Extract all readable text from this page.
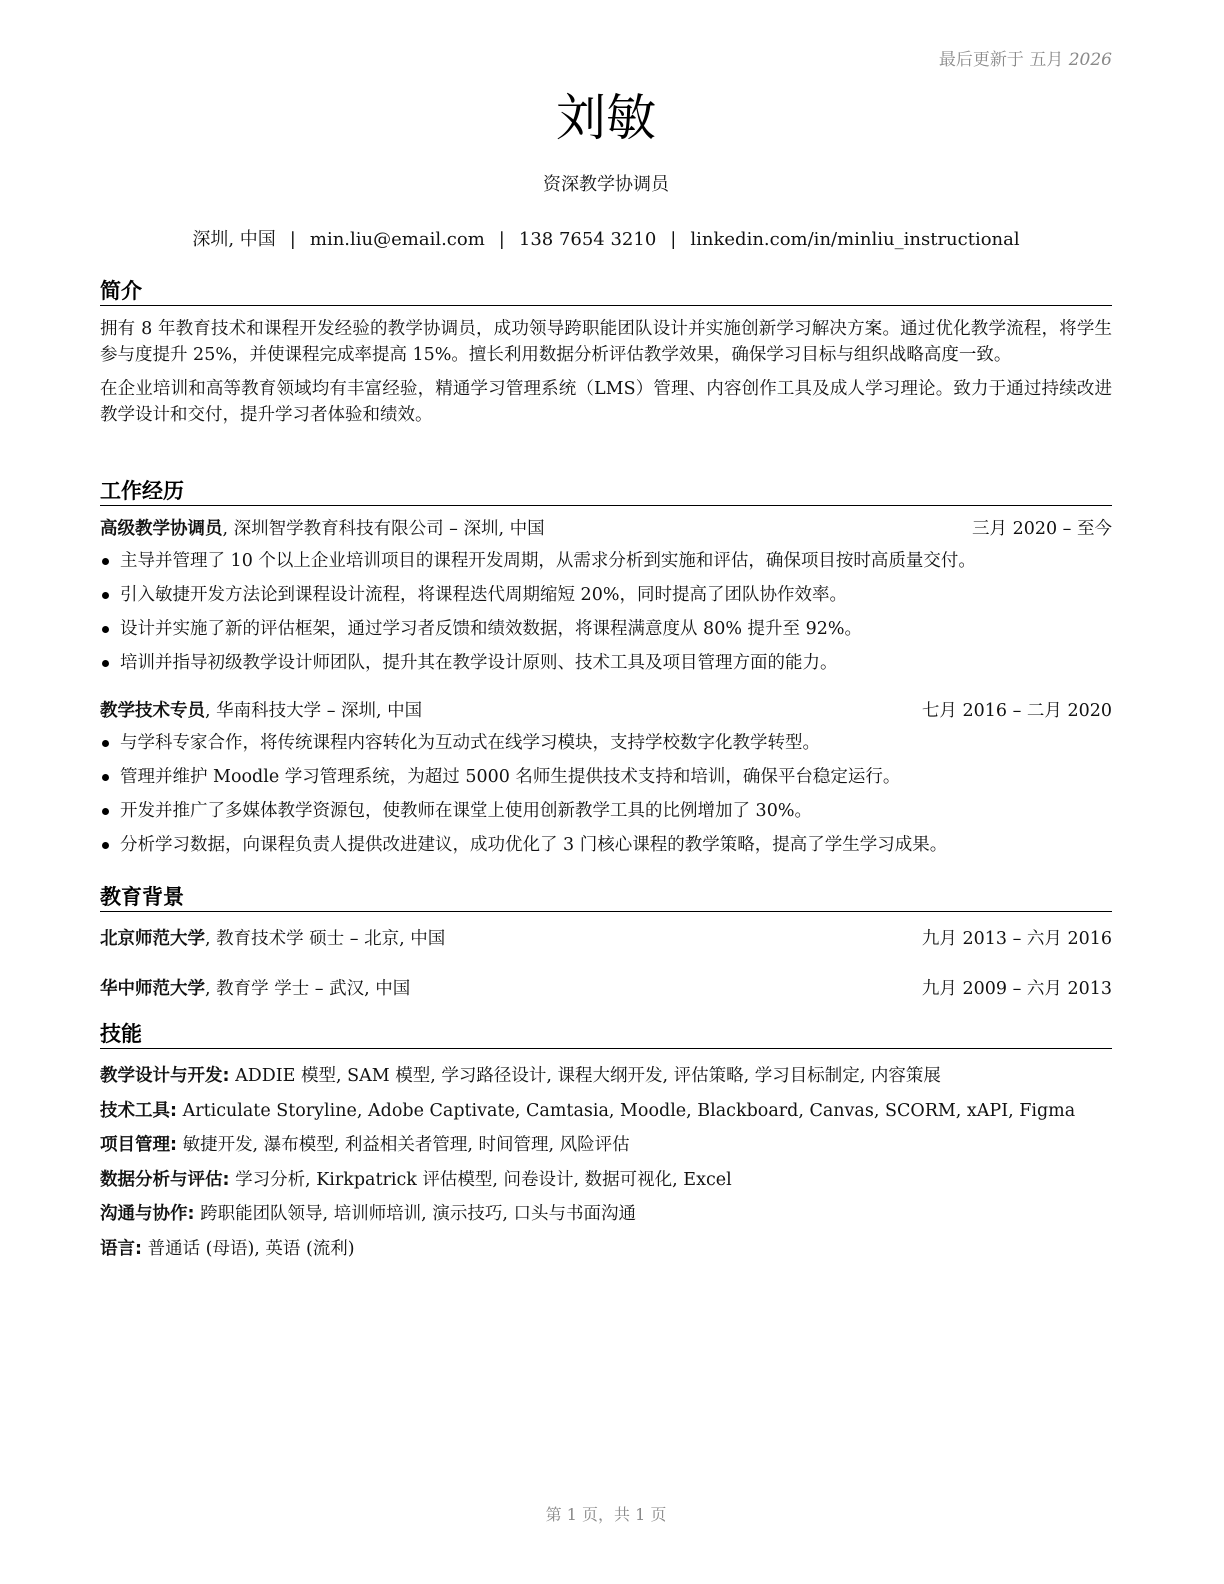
最后更新于 五月 2026
刘敏
资深教学协调员
深圳, 中国 | min.liu@email.com | 138 7654 3210 | linkedin.com/in/minliu_instructional
简介

拥有 8 年教育技术和课程开发经验的教学协调员，成功领导跨职能团队设计并实施创新学习解决方案。通过优化教学流程，将学生参与度提升 25%，并使课程完成率提高 15%。擅长利用数据分析评估教学效果，确保学习目标与组织战略高度一致。

在企业培训和高等教育领域均有丰富经验，精通学习管理系统（LMS）管理、内容创作工具及成人学习理论。致力于通过持续改进教学设计和交付，提升学习者体验和绩效。

工作经历
高级教学协调员, 深圳智学教育科技有限公司 – 深圳, 中国	三月 2020 – 至今
主导并管理了 10 个以上企业培训项目的课程开发周期，从需求分析到实施和评估，确保项目按时高质量交付。
引入敏捷开发方法论到课程设计流程，将课程迭代周期缩短 20%，同时提高了团队协作效率。
设计并实施了新的评估框架，通过学习者反馈和绩效数据，将课程满意度从 80% 提升至 92%。
培训并指导初级教学设计师团队，提升其在教学设计原则、技术工具及项目管理方面的能力。
教学技术专员, 华南科技大学 – 深圳, 中国	七月 2016 – 二月 2020
与学科专家合作，将传统课程内容转化为互动式在线学习模块，支持学校数字化教学转型。
管理并维护 Moodle 学习管理系统，为超过 5000 名师生提供技术支持和培训，确保平台稳定运行。
开发并推广了多媒体教学资源包，使教师在课堂上使用创新教学工具的比例增加了 30%。
分析学习数据，向课程负责人提供改进建议，成功优化了 3 门核心课程的教学策略，提高了学生学习成果。
教育背景
北京师范大学, 教育技术学 硕士 – 北京, 中国	九月 2013 – 六月 2016
华中师范大学, 教育学 学士 – 武汉, 中国	九月 2009 – 六月 2013
技能
教学设计与开发: ADDIE 模型, SAM 模型, 学习路径设计, 课程大纲开发, 评估策略, 学习目标制定, 内容策展
技术工具: Articulate Storyline, Adobe Captivate, Camtasia, Moodle, Blackboard, Canvas, SCORM, xAPI, Figma
项目管理: 敏捷开发, 瀑布模型, 利益相关者管理, 时间管理, 风险评估
数据分析与评估: 学习分析, Kirkpatrick 评估模型, 问卷设计, 数据可视化, Excel
沟通与协作: 跨职能团队领导, 培训师培训, 演示技巧, 口头与书面沟通
语言: 普通话 (母语), 英语 (流利)
第 1 页，共 1 页
